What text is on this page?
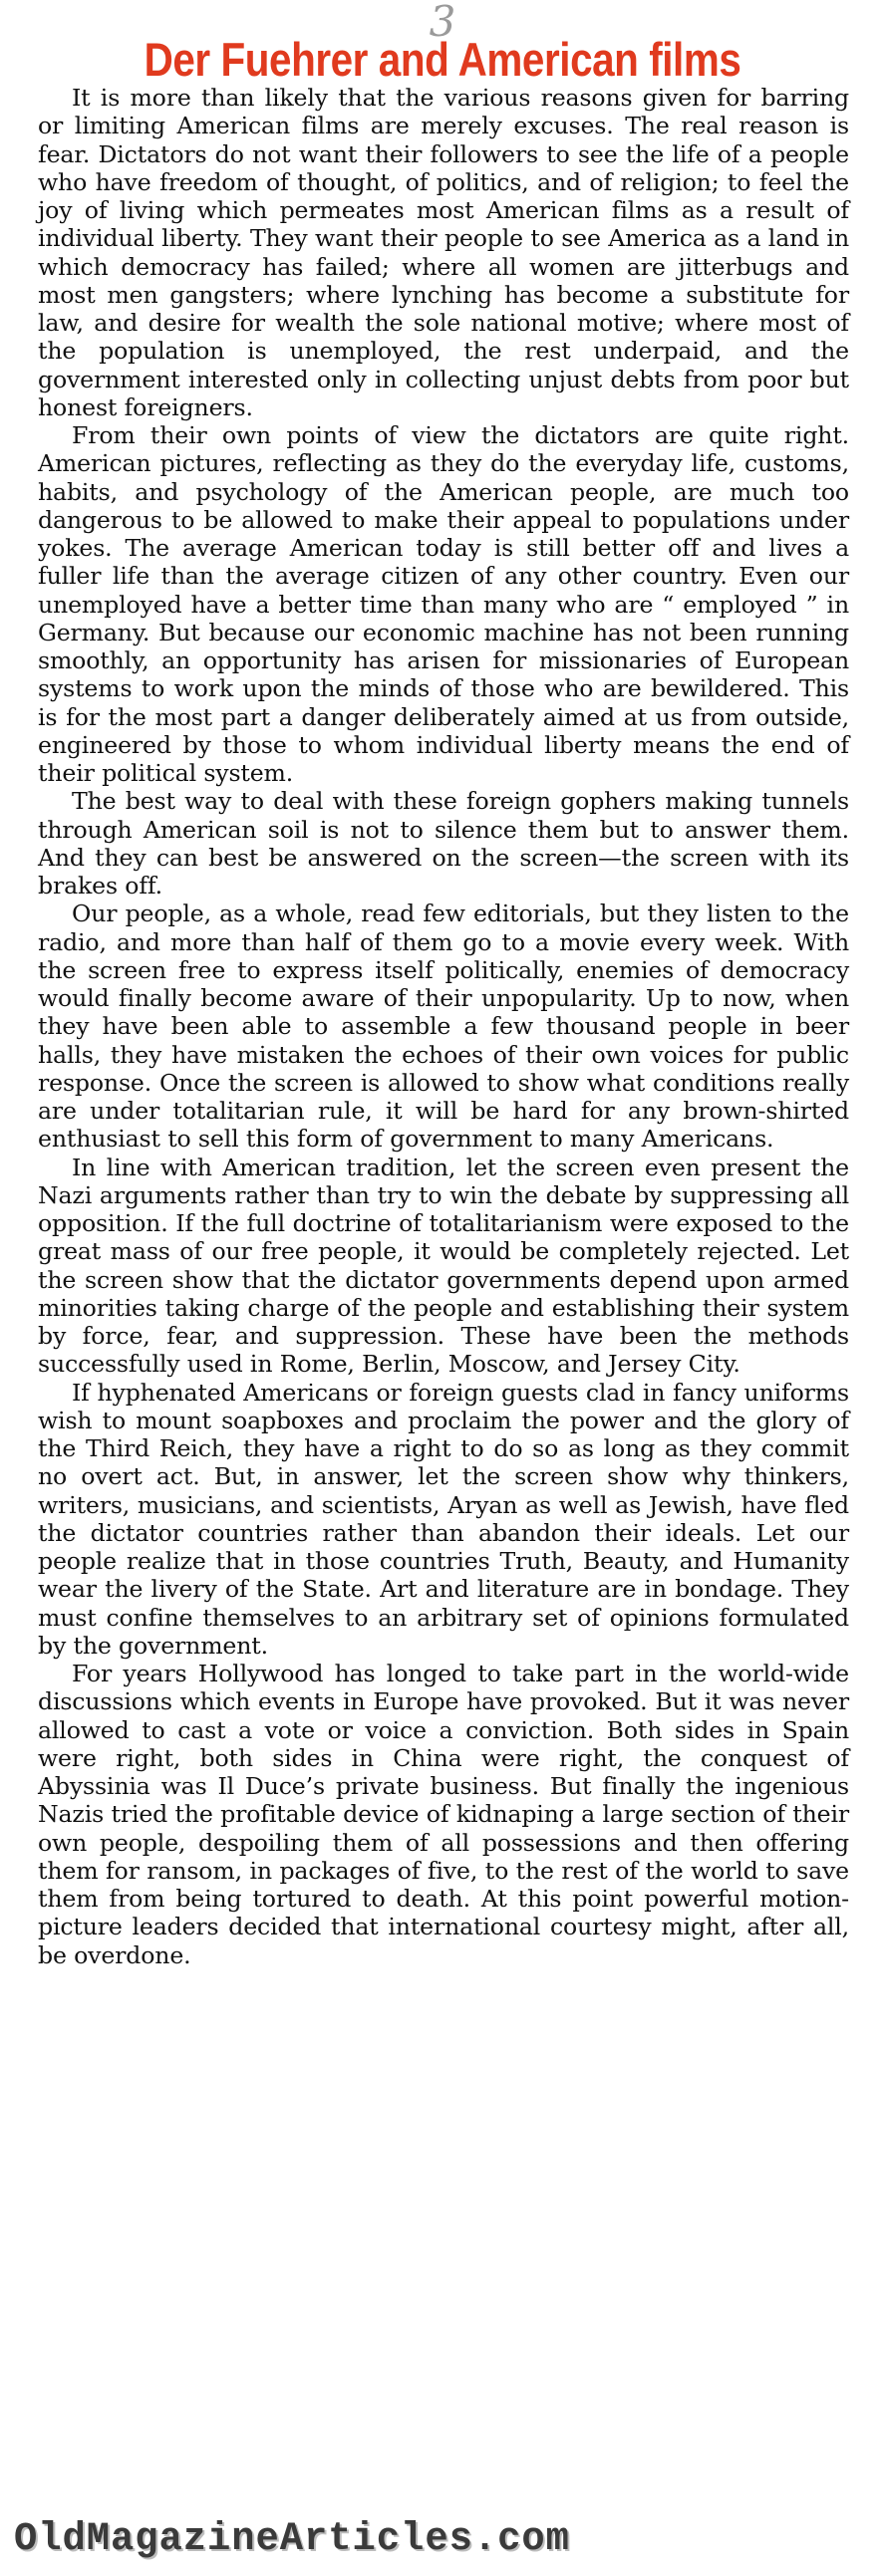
3
Der Fuehrer and American films

It is more than likely that the various reasons given for barring or limiting American films are merely excuses. The real reason is fear. Dictators do not want their followers to see the life of a people who have freedom of thought, of politics, and of religion; to feel the joy of living which permeates most American films as a result of individual liberty. They want their people to see America as a land in which democracy has failed; where all women are jitterbugs and most men gangsters; where lynching has become a substitute for law, and desire for wealth the sole national motive; where most of the population is unemployed, the rest underpaid, and the government interested only in collecting unjust debts from poor but honest foreigners.

From their own points of view the dictators are quite right. American pictures, reflecting as they do the everyday life, customs, habits, and psychology of the American people, are much too dangerous to be allowed to make their appeal to populations under yokes. The average American today is still better off and lives a fuller life than the average citizen of any other country. Even our unemployed have a better time than many who are “ employed ” in Germany. But because our economic machine has not been running smoothly, an opportunity has arisen for missionaries of European systems to work upon the minds of those who are bewildered. This is for the most part a danger deliberately aimed at us from outside, engineered by those to whom individual liberty means the end of their political system.

The best way to deal with these foreign gophers making tunnels through American soil is not to silence them but to answer them. And they can best be answered on the screen—the screen with its brakes off.

Our people, as a whole, read few editorials, but they listen to the radio, and more than half of them go to a movie every week. With the screen free to express itself politically, enemies of democracy would finally become aware of their unpopularity. Up to now, when they have been able to assemble a few thousand people in beer halls, they have mistaken the echoes of their own voices for public response. Once the screen is allowed to show what conditions really are under totalitarian rule, it will be hard for any brown-shirted enthusiast to sell this form of government to many Americans.

In line with American tradition, let the screen even present the Nazi arguments rather than try to win the debate by suppressing all opposition. If the full doctrine of totalitarianism were exposed to the great mass of our free people, it would be completely rejected. Let the screen show that the dictator governments depend upon armed minorities taking charge of the people and establishing their system by force, fear, and suppression. These have been the methods successfully used in Rome, Berlin, Moscow, and Jersey City.

If hyphenated Americans or foreign guests clad in fancy uniforms wish to mount soapboxes and proclaim the power and the glory of the Third Reich, they have a right to do so as long as they commit no overt act. But, in answer, let the screen show why thinkers, writers, musicians, and scientists, Aryan as well as Jewish, have fled the dictator countries rather than abandon their ideals. Let our people realize that in those countries Truth, Beauty, and Humanity wear the livery of the State. Art and literature are in bondage. They must confine themselves to an arbitrary set of opinions formulated by the government.

For years Hollywood has longed to take part in the world-wide discussions which events in Europe have provoked. But it was never allowed to cast a vote or voice a conviction. Both sides in Spain were right, both sides in China were right, the conquest of Abyssinia was Il Duce’s private business. But finally the ingenious Nazis tried the profitable device of kidnaping a large section of their own people, despoiling them of all possessions and then offering them for ransom, in packages of five, to the rest of the world to save them from being tortured to death. At this point powerful motion-picture leaders decided that international courtesy might, after all, be overdone.

OldMagazineArticles.com
